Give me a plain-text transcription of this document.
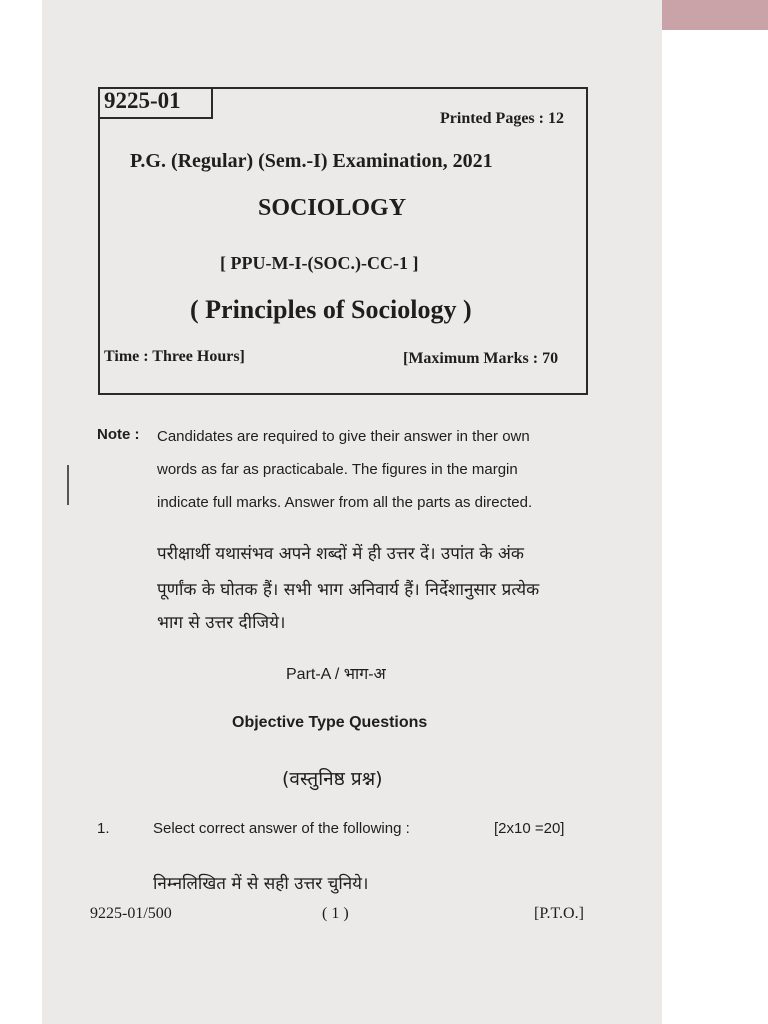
9225-01
Printed Pages : 12
P.G. (Regular) (Sem.-I) Examination, 2021
SOCIOLOGY
[ PPU-M-I-(SOC.)-CC-1 ]
( Principles of Sociology )
Time : Three Hours]	[Maximum Marks : 70
Note : Candidates are required to give their answer in ther own
words as far as practicabale. The figures in the margin
indicate full marks. Answer from all the parts as directed.
परीक्षार्थी यथासंभव अपने शब्दों में ही उत्तर दें। उपांत के अंक
पूर्णांक के घोतक हैं। सभी भाग अनिवार्य हैं। निर्देशानुसार प्रत्येक
भाग से उत्तर दीजिये।
Part-A / भाग-अ
Objective Type Questions
(वस्तुनिष्ठ प्रश्न)
1.	Select correct answer of the following :	[2x10 =20]
निम्नलिखित में से सही उत्तर चुनिये।
9225-01/500	( 1 )	[P.T.O.]
